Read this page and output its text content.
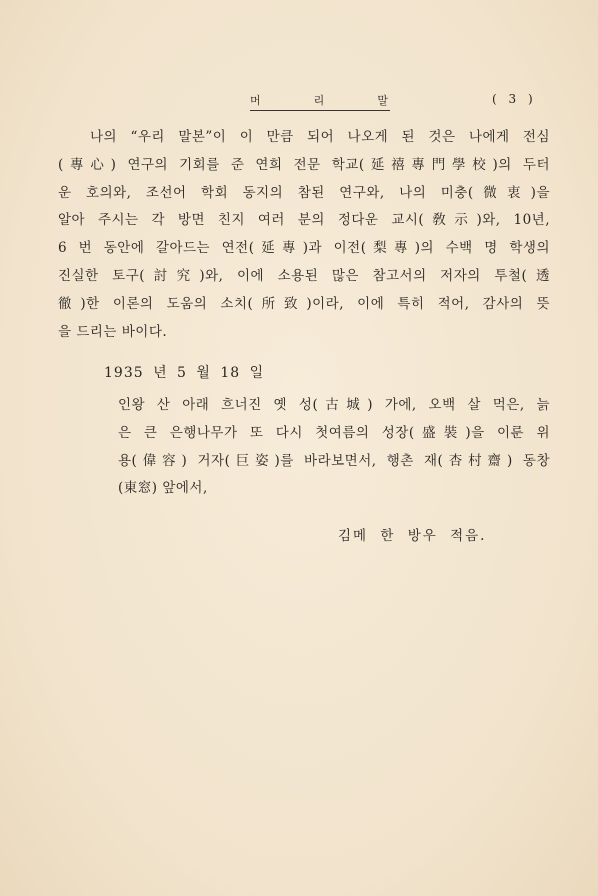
머	리	말	( 3 )
나의 “우리 말본”이 이 만큼 되어 나오게 된 것은 나에게 전심
(專心) 연구의 기회를 준 연희 전문 학교(延禧專門學校)의 두터
운 호의와, 조선어 학회 동지의 참된 연구와, 나의 미충(微衷)을
알아 주시는 각 방면 친지 여러 분의 정다운 교시(敎示)와, 10년,
6 번 동안에 갈아드는 연전(延專)과 이전(梨專)의 수백 명 학생의
진실한 토구(討究)와, 이에 소용된 많은 참고서의 저자의 투철(透
徹)한 이론의 도움의 소치(所致)이라, 이에 특히 적어, 감사의 뜻
을 드리는 바이다.
1935 년 5 월 18 일
인왕 산 아래 흐너진 옛 성(古城) 가에, 오백 살 먹은, 늙
은 큰 은행나무가 또 다시 첫여름의 성장(盛裝)을 이룬 위
용(偉容) 거자(巨姿)를 바라보면서, 행촌 재(杏村齋) 동창
(東窓) 앞에서,
김메 한 방우 적음.
